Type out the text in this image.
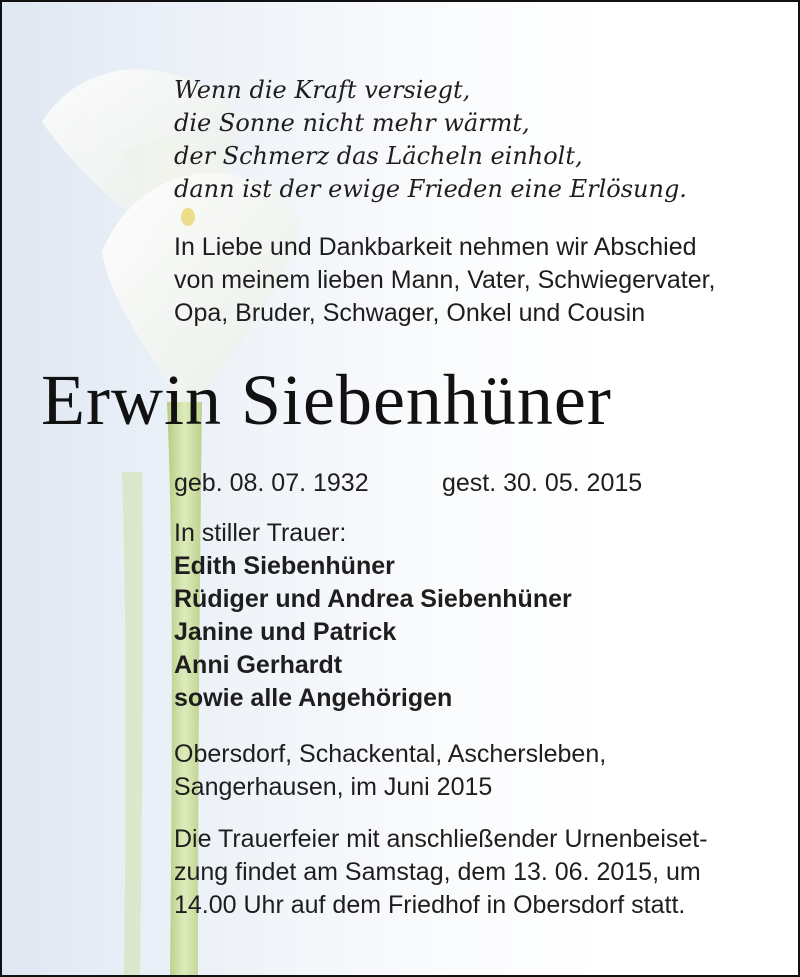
Wenn die Kraft versiegt,
die Sonne nicht mehr wärmt,
der Schmerz das Lächeln einholt,
dann ist der ewige Frieden eine Erlösung.
In Liebe und Dankbarkeit nehmen wir Abschied
von meinem lieben Mann, Vater, Schwiegervater,
Opa, Bruder, Schwager, Onkel und Cousin
Erwin Siebenhüner
geb. 08. 07. 1932	gest. 30. 05. 2015
In stiller Trauer:
Edith Siebenhüner
Rüdiger und Andrea Siebenhüner
Janine und Patrick
Anni Gerhardt
sowie alle Angehörigen
Obersdorf, Schackental, Aschersleben,
Sangerhausen, im Juni 2015
Die Trauerfeier mit anschließender Urnenbeiset-
zung findet am Samstag, dem 13. 06. 2015, um
14.00 Uhr auf dem Friedhof in Obersdorf statt.
